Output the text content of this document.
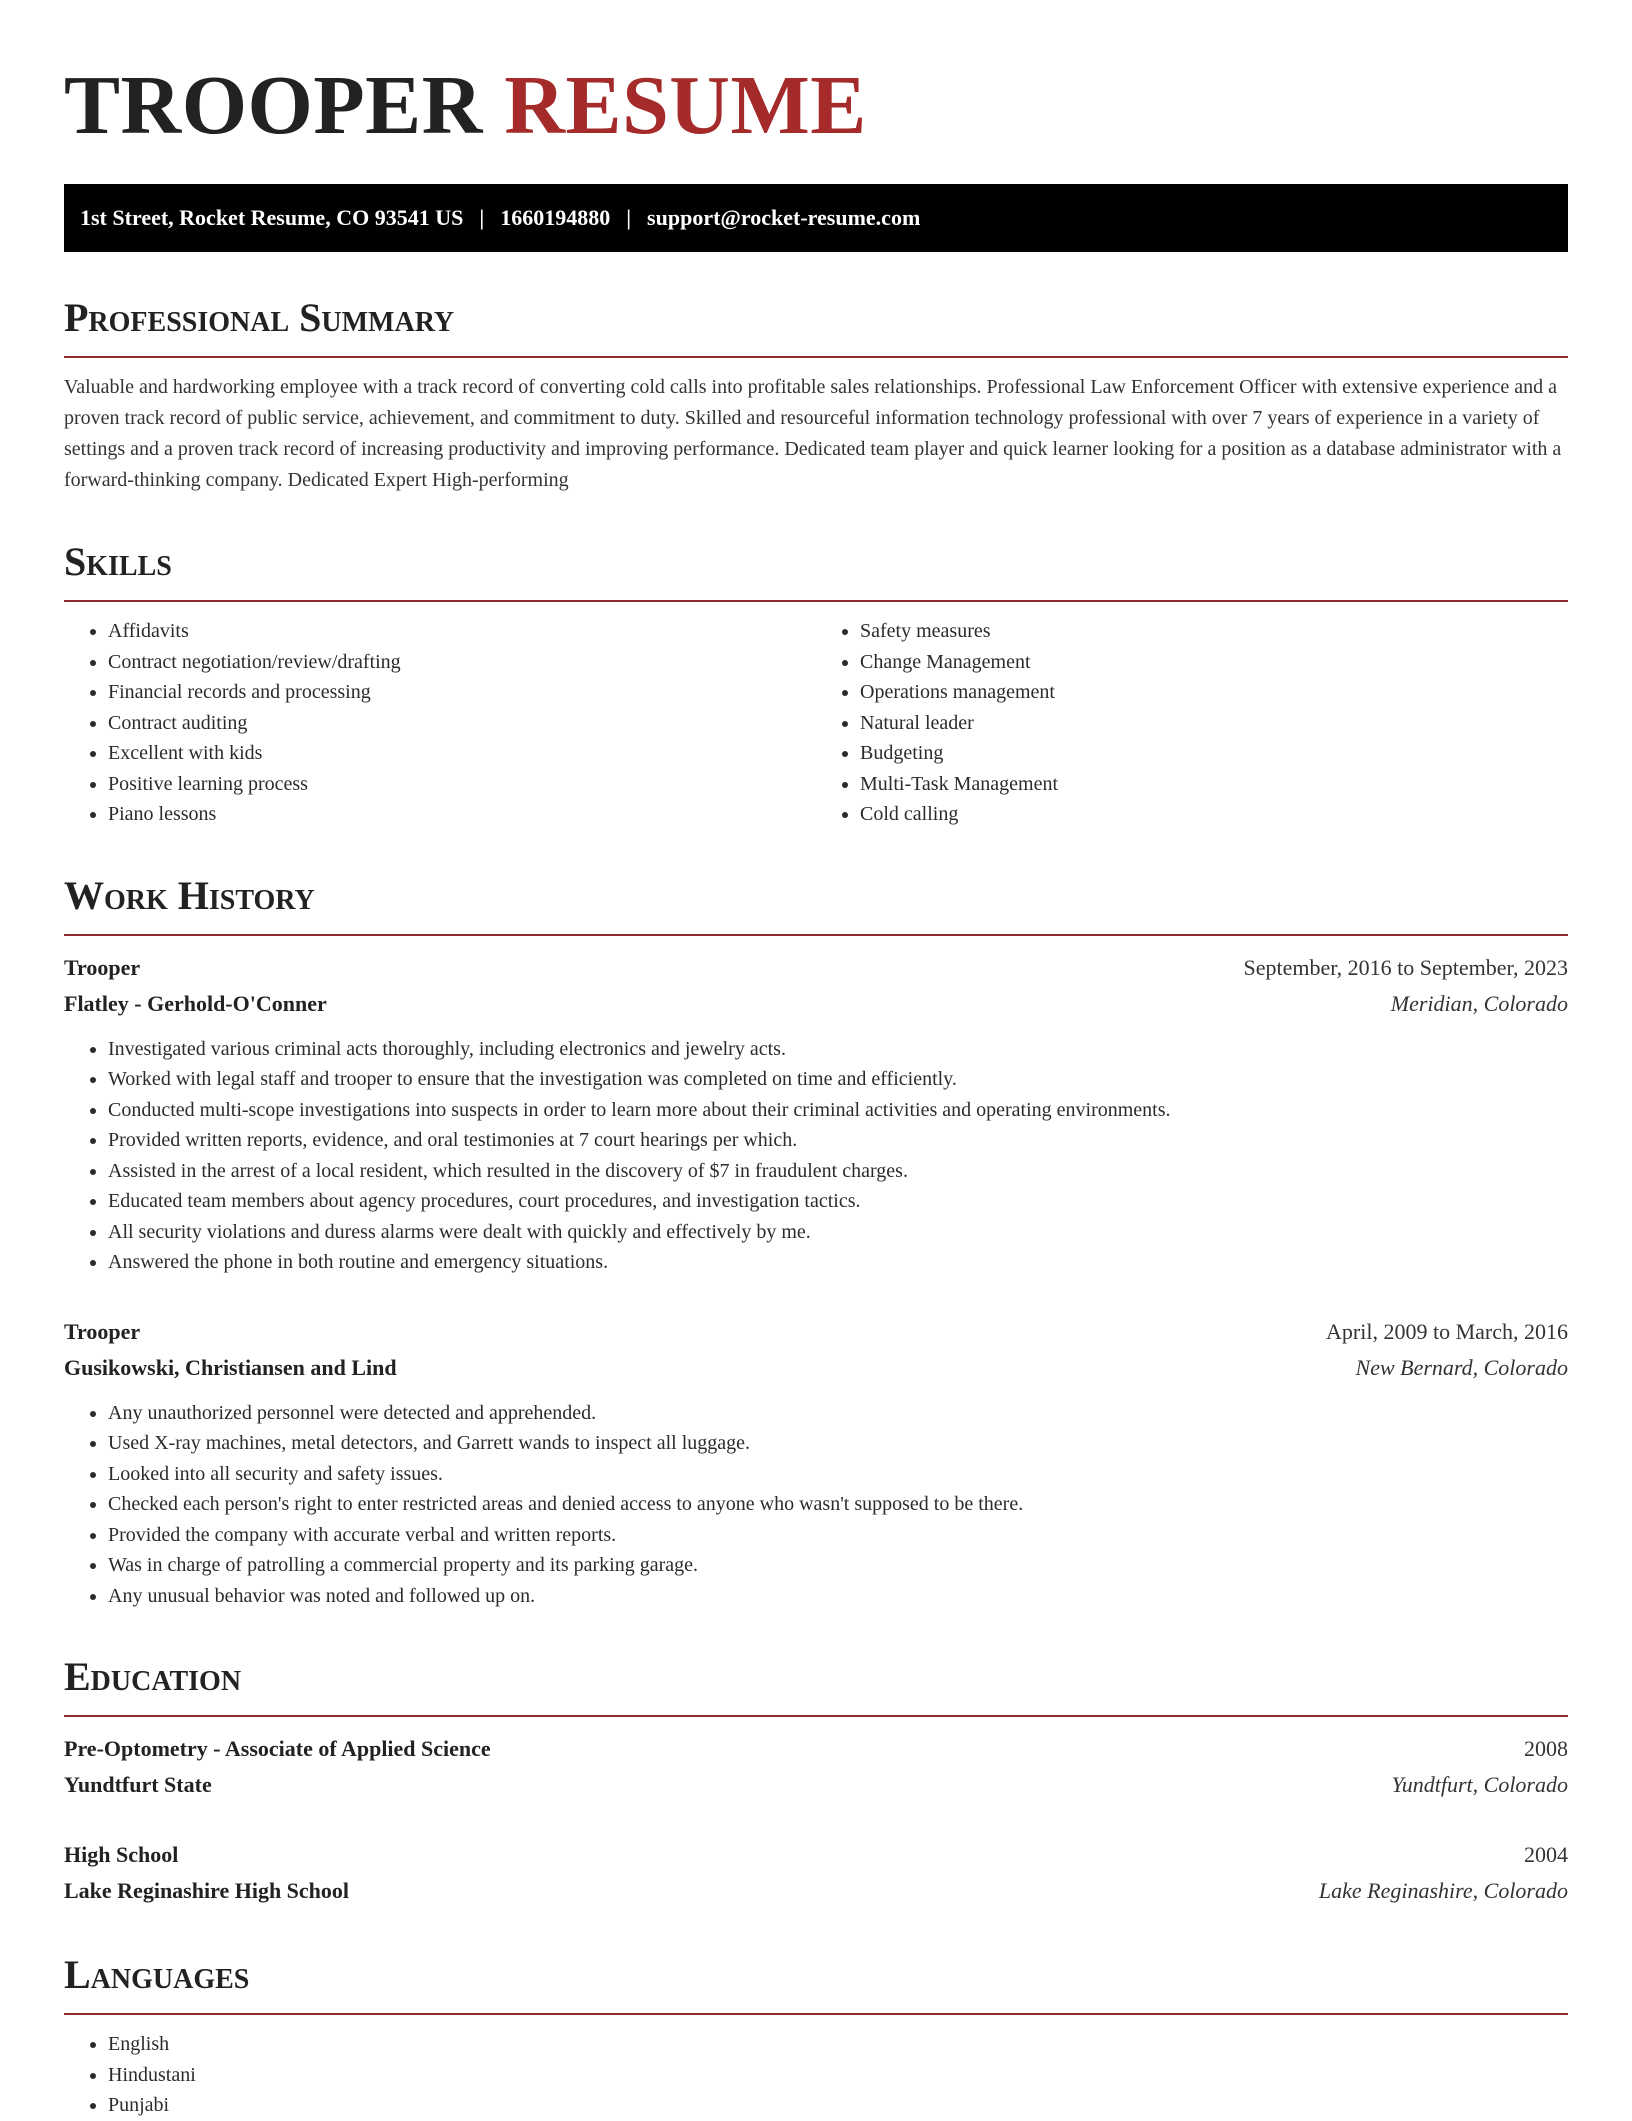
TROOPER RESUME
1st Street, Rocket Resume, CO 93541 US | 1660194880 | support@rocket-resume.com
Professional Summary

Valuable and hardworking employee with a track record of converting cold calls into profitable sales relationships. Professional Law Enforcement Officer with extensive experience and a proven track record of public service, achievement, and commitment to duty. Skilled and resourceful information technology professional with over 7 years of experience in a variety of settings and a proven track record of increasing productivity and improving performance. Dedicated team player and quick learner looking for a position as a database administrator with a forward-thinking company. Dedicated Expert High-performing

Skills
• Affidavits
• Contract negotiation/review/drafting
• Financial records and processing
• Contract auditing
• Excellent with kids
• Positive learning process
• Piano lessons
• Safety measures
• Change Management
• Operations management
• Natural leader
• Budgeting
• Multi-Task Management
• Cold calling
Work History
Trooper	September, 2016 to September, 2023
Flatley - Gerhold-O'Conner	Meridian, Colorado
• Investigated various criminal acts thoroughly, including electronics and jewelry acts.
• Worked with legal staff and trooper to ensure that the investigation was completed on time and efficiently.
• Conducted multi-scope investigations into suspects in order to learn more about their criminal activities and operating environments.
• Provided written reports, evidence, and oral testimonies at 7 court hearings per which.
• Assisted in the arrest of a local resident, which resulted in the discovery of $7 in fraudulent charges.
• Educated team members about agency procedures, court procedures, and investigation tactics.
• All security violations and duress alarms were dealt with quickly and effectively by me.
• Answered the phone in both routine and emergency situations.
Trooper	April, 2009 to March, 2016
Gusikowski, Christiansen and Lind	New Bernard, Colorado
• Any unauthorized personnel were detected and apprehended.
• Used X-ray machines, metal detectors, and Garrett wands to inspect all luggage.
• Looked into all security and safety issues.
• Checked each person's right to enter restricted areas and denied access to anyone who wasn't supposed to be there.
• Provided the company with accurate verbal and written reports.
• Was in charge of patrolling a commercial property and its parking garage.
• Any unusual behavior was noted and followed up on.
Education
Pre-Optometry - Associate of Applied Science	2008
Yundtfurt State	Yundtfurt, Colorado
High School	2004
Lake Reginashire High School	Lake Reginashire, Colorado
Languages
• English
• Hindustani
• Punjabi
